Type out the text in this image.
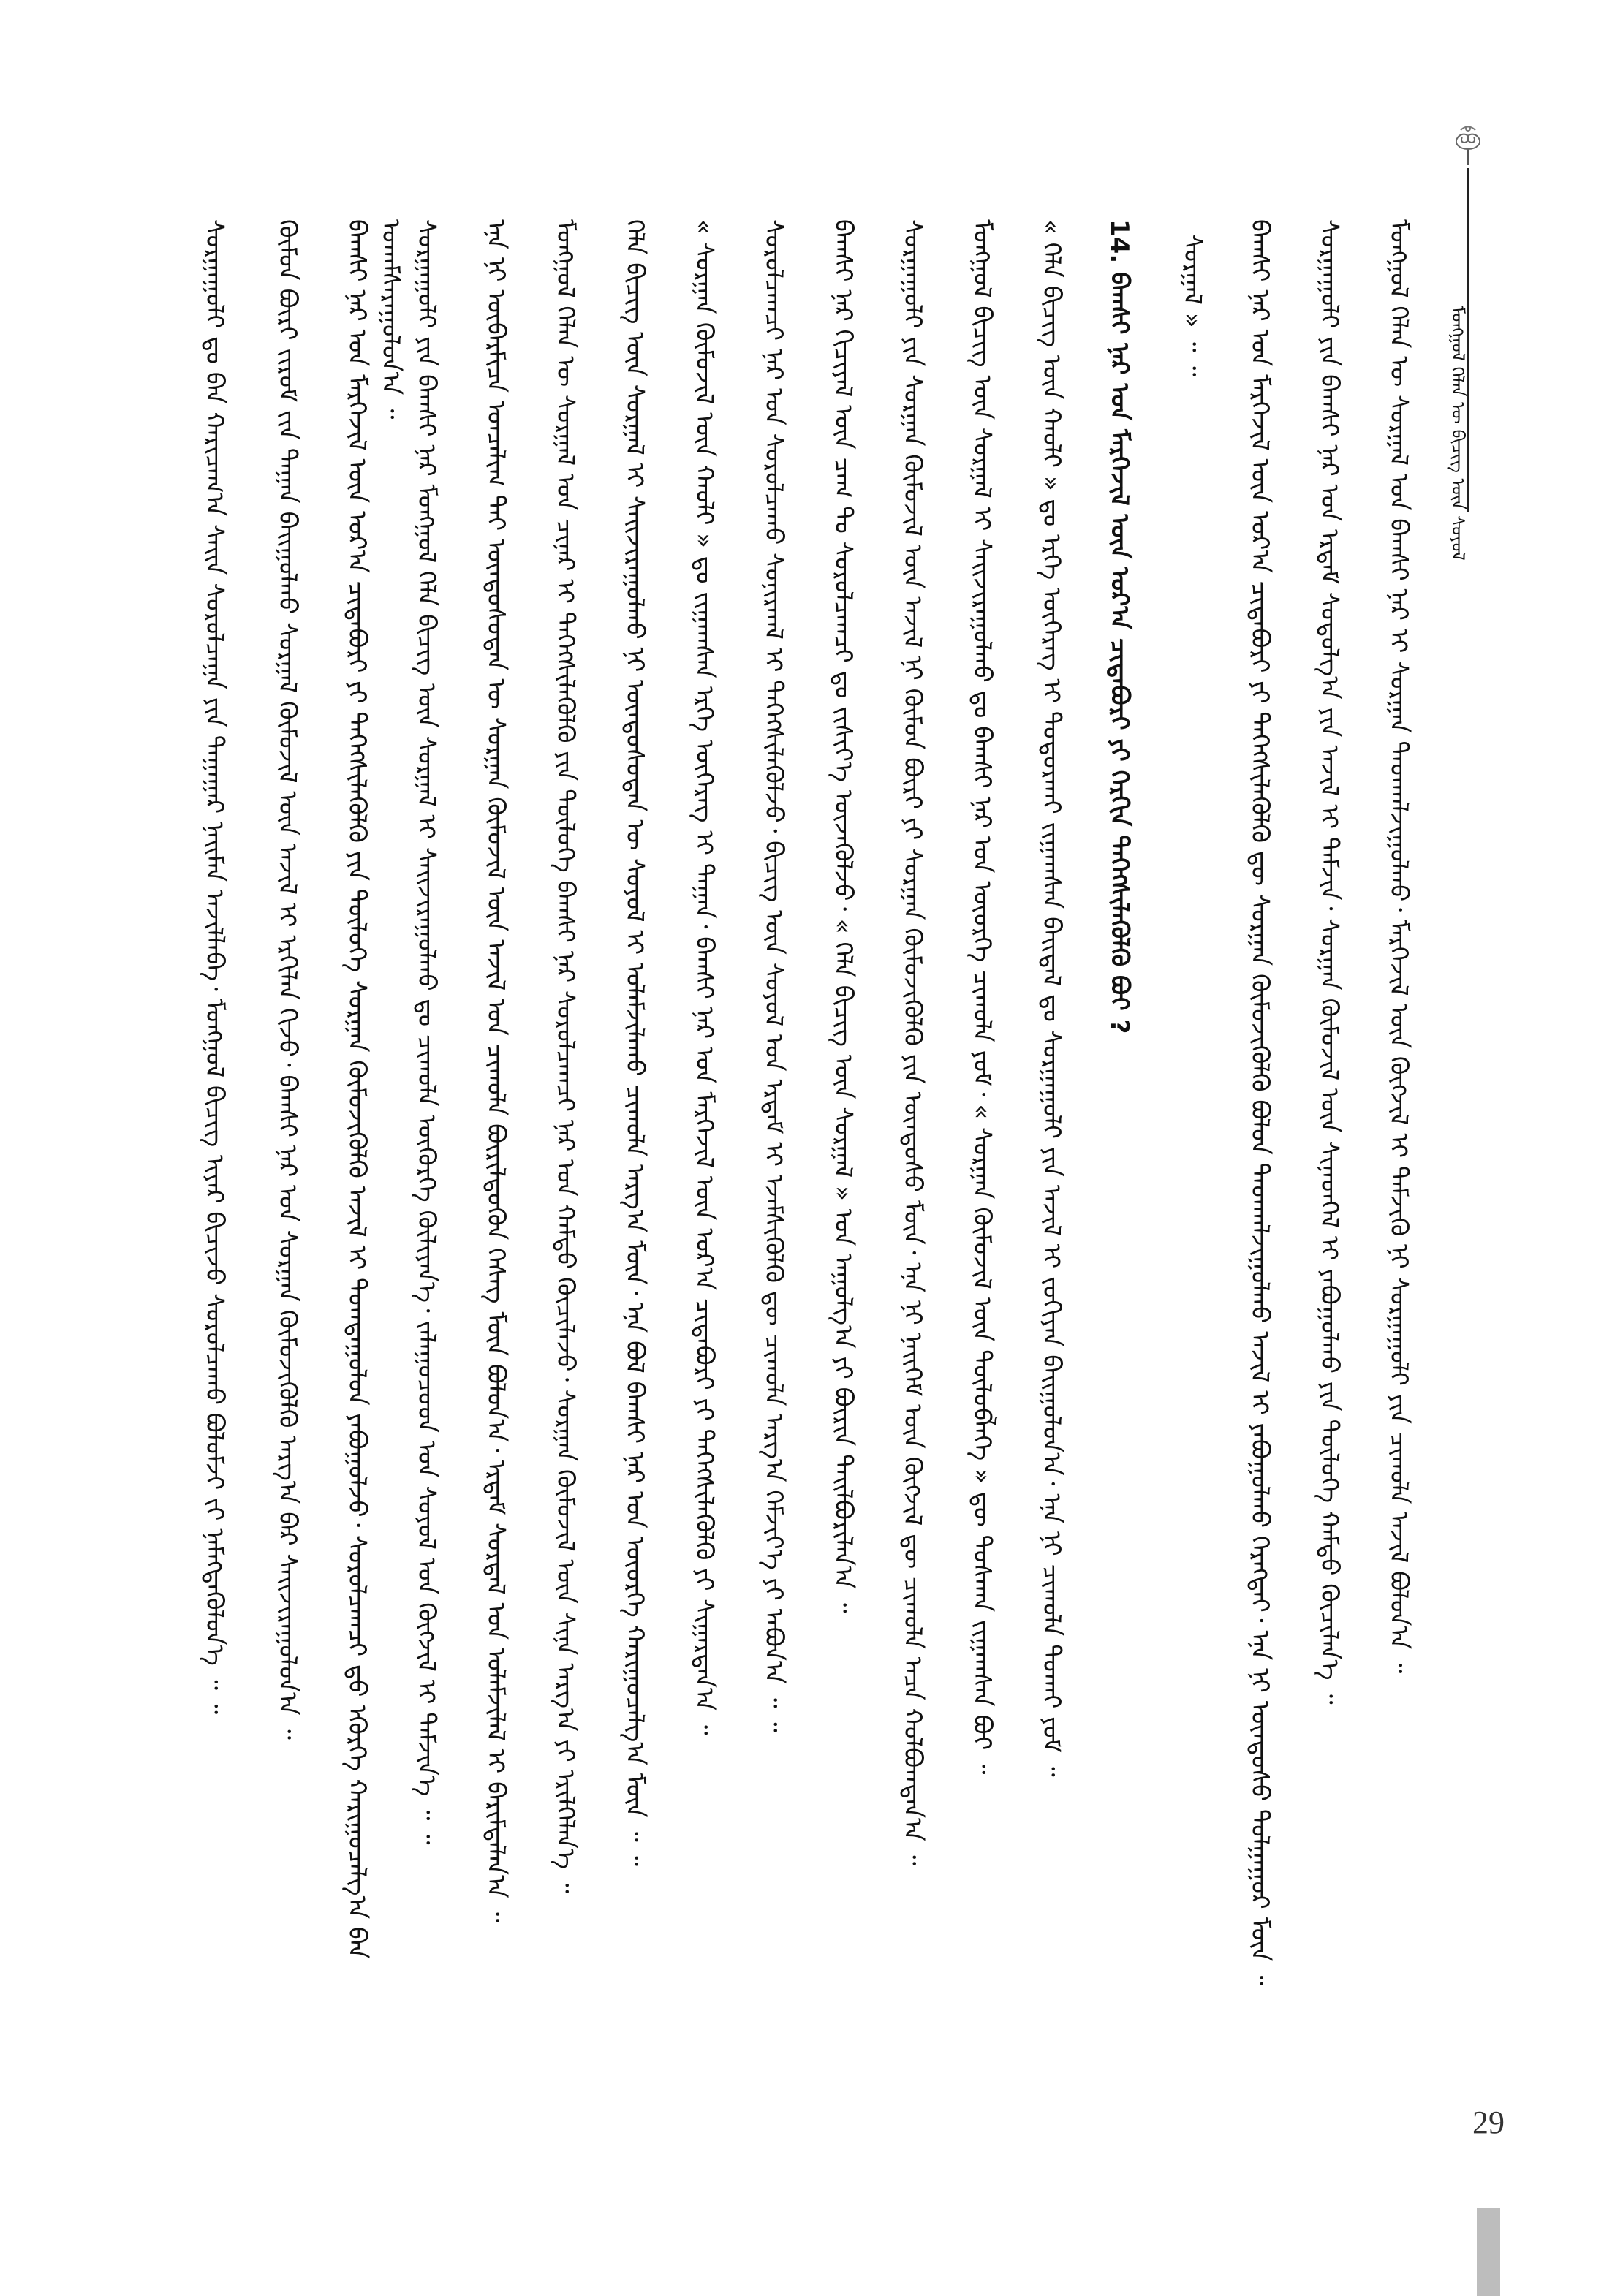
ᠮᠣᠩᠭᠣᠯ ᠬᠡᠯᠡᠨ ᠦ ᠪᠢᠴᠢᠭ ᠦᠨ ᠰᠣᠶᠣᠯ
ᠰᠤᠷᠭᠠᠭᠤᠯᠢ ᠳᠤ ᠪᠠᠨ ᠬᠠᠷᠢᠴᠠᠭ᠎ᠠ ᠰᠠᠢᠨ ᠰᠤᠷᠤᠯᠴᠠᠭᠠ ᠶᠢᠨ ᠳᠠᠭᠠᠭᠠᠷ ᠨᠠᠢᠮᠠᠨ ᠠᠵᠢᠯᠯᠠᠪᠠ᠂ ᠮᠣᠩᠭᠣᠯ ᠪᠢᠴᠢᠭ ᠢᠶᠡᠷ ᠪᠢᠴᠢᠵᠦ ᠰᠤᠷᠤᠯᠴᠠᠬᠤ ᠪᠤᠯᠤᠮᠵᠢ ᠵᠢ ᠨᠡᠮᠡᠭᠳᠡᠭᠦᠯᠦᠨ᠎ᠡ ᠃ ᠃ ᠬᠦᠮᠦᠨ ᠪᠦᠷᠢ ᠵᠢᠷᠤᠮ ᠵᠢᠨ ᠳᠠᠭᠠᠨ ᠪᠠᠢᠭᠤᠯᠬᠤ ᠰᠤᠷᠭᠠᠯ ᠬᠦᠮᠦᠵᠢᠯ ᠦᠨ ᠠᠵᠢᠯ ᠢ ᠡᠷᠬᠢᠯᠡᠨ ᠬᠢᠵᠦ᠂ ᠪᠠᠭᠰᠢ ᠨᠠᠷ ᠤᠨ ᠰᠤᠷᠭᠠᠨ ᠬᠦᠮᠦᠵᠢᠭᠦᠯᠬᠦ ᠠᠷᠭ᠎ᠠ ᠪᠠᠷ ᠰᠠᠢᠵᠢᠷᠠᠭᠤᠯᠤᠨ᠎ᠠ ᠃ ᠪᠠᠭᠰᠢ ᠨᠠᠷ ᠤᠨ ᠮᠡᠷᠭᠡᠵᠢᠯ ᠦᠨ ᠤᠷ᠎ᠠ ᠴᠢᠳᠠᠪᠤᠷᠢ ᠶᠢ ᠳᠡᠭᠡᠭᠰᠢᠯᠡᠭᠦᠯᠬᠦ ᠶᠢᠨ ᠲᠥᠯᠦᠭᠡ ᠰᠤᠷᠭᠠᠨ ᠬᠦᠮᠦᠵᠢᠭᠦᠯᠬᠦ ᠠᠵᠢᠯ ᠢ ᠲᠤᠭᠳᠠᠭᠤᠯᠤᠨ ᠶᠠᠪᠤᠭᠤᠯᠵᠤ᠂ ᠰᠤᠷᠤᠯᠴᠠᠭᠴᠢ ᠳ᠋ᠤ ᠡᠭᠦᠷᠭᠡ ᠬᠠᠷᠢᠭᠤᠴᠠᠯᠭ᠎ᠠ ᠪᠠᠨ ᠤᠬᠠᠮᠰᠠᠷᠠᠭᠤᠯᠤᠨ᠎ᠠ ᠃ ᠰᠤᠷᠭᠠᠭᠤᠯᠢ ᠶᠢᠨ ᠪᠠᠭᠰᠢ ᠨᠠᠷ ᠮᠣᠩᠭᠣᠯ ᠬᠡᠯᠡ ᠪᠢᠴᠢᠭ ᠦᠨ ᠰᠤᠷᠭᠠᠯ ᠢ ᠰᠠᠢᠵᠢᠷᠠᠭᠤᠯᠬᠤ ᠳᠤ ᠴᠢᠬᠤᠯᠠ ᠦᠬᠦᠷᠭᠡ ᠬᠦᠯᠢᠶᠡᠨ᠎ᠡ᠂ ᠵᠠᠯᠠᠭᠤᠴᠤᠳ ᠤᠨ ᠰᠣᠶᠣᠯ ᠤᠨ ᠬᠥᠭᠵᠢᠯ ᠢ ᠳᠡᠮᠵᠢᠨ᠎ᠡ ᠃ ᠃ ᠡᠨᠡ ᠨᠢ ᠥᠪᠡᠷᠮᠢᠴᠡ ᠣᠨᠴᠠᠯᠢᠭ ᠲᠠᠢ ᠦᠨᠳᠦᠰᠦᠲᠡᠨ ᠦ ᠰᠤᠷᠭᠠᠨ ᠬᠦᠮᠦᠵᠢᠯ ᠦᠨ ᠠᠵᠢᠯ ᠤᠨ ᠴᠢᠬᠤᠯᠠ ᠪᠦᠷᠢᠯᠳᠦᠬᠦᠨ ᠬᠡᠰᠡᠭ ᠮᠥᠨ ᠪᠣᠯᠤᠨ᠎ᠠ᠂ ᠡᠷᠳᠡᠮ ᠰᠤᠷᠲᠠᠯ ᠤᠨ ᠤᠯᠠᠮᠵᠢᠯᠠᠯ ᠢ ᠪᠠᠷᠢᠮᠲᠠᠯᠠᠨ᠎ᠠ ᠃ ᠮᠣᠩᠭᠣᠯ ᠬᠡᠯᠡᠨ ᠦ ᠰᠤᠷᠭᠠᠯ ᠤᠨ ᠴᠢᠨᠠᠷ ᠢ ᠳᠡᠭᠡᠭᠰᠢᠯᠡᠭᠦᠯᠬᠦ ᠶᠢᠨ ᠲᠥᠯᠦᠭᠡ ᠪᠠᠭᠰᠢ ᠨᠠᠷ ᠰᠤᠷᠤᠯᠴᠠᠭᠴᠢ ᠨᠠᠷ ᠤᠨ ᠬᠠᠮᠲᠤ ᠬᠦᠴᠢᠯᠡᠵᠦ᠂ ᠰᠤᠷᠭᠠᠨ ᠬᠦᠮᠦᠵᠢᠯ ᠦᠨ ᠰᠢᠨᠡ ᠠᠷᠭ᠎ᠠ ᠶᠢ ᠡᠷᠢᠯᠬᠡᠯᠡᠨ᠎ᠡ ᠃ ᠬᠡᠯᠡ ᠪᠢᠴᠢᠭ ᠦᠨ ᠰᠤᠷᠭᠠᠯ ᠢ ᠰᠠᠢᠵᠢᠷᠠᠭᠤᠯᠬᠤ ᠨᠢ ᠦᠨᠳᠦᠰᠦᠲᠡᠨ ᠦ ᠰᠣᠶᠣᠯ ᠢ ᠤᠯᠠᠮᠵᠢᠯᠠᠬᠤ ᠴᠢᠬᠤᠯᠠ ᠠᠷᠭ᠎ᠠ ᠮᠥᠨ᠂ ᠡᠨᠡ ᠪᠣᠯ ᠪᠠᠭᠰᠢ ᠨᠠᠷ ᠤᠨ ᠦᠦᠷᠭᠡ ᠬᠠᠷᠢᠭᠤᠴᠠᠯᠭ᠎ᠠ ᠮᠥᠨ ᠃ ᠃ « ᠰᠤᠷᠭᠠᠨ ᠬᠦᠮᠦᠵᠢᠯ ᠦᠨ ᠬᠠᠤᠯᠢ » ᠳᠤ ᠵᠢᠭᠠᠭᠰᠠᠨ ᠡᠷᠬᠡ ᠦᠭᠡᠷᠡᠭ ᠢ ᠳᠠᠭᠠᠨ᠂ ᠪᠠᠭᠰᠢ ᠨᠠᠷ ᠤᠨ ᠮᠡᠷᠭᠡᠵᠢᠯ ᠦᠨ ᠤᠷ᠎ᠠ ᠴᠢᠳᠠᠪᠤᠷᠢ ᠶᠢ ᠳᠡᠭᠡᠭᠰᠢᠯᠡᠭᠦᠯᠬᠦ ᠶᠢ ᠰᠢᠭᠠᠷᠳᠠᠨ᠎ᠠ ᠃ ᠰᠤᠷᠤᠯᠴᠠᠭᠴᠢ ᠨᠠᠷ ᠤᠨ ᠰᠤᠷᠤᠯᠴᠠᠬᠤ ᠰᠣᠨᠢᠷᠬᠠᠯ ᠢ ᠳᠡᠭᠡᠭᠰᠢᠯᠡᠭᠦᠯᠵᠦ᠂ ᠪᠢᠴᠢᠭ ᠦᠨ ᠰᠣᠶᠣᠯ ᠤᠨ ᠡᠷᠳᠡᠮ ᠢ ᠡᠵᠡᠮᠰᠢᠭᠦᠯᠬᠦ ᠳᠦ ᠴᠢᠬᠤᠯᠠ ᠠᠷᠭ᠎ᠠ ᠬᠡᠮᠵᠢᠶ᠎ᠡ ᠶᠢ ᠠᠪᠤᠨ᠎ᠠ ᠃ ᠃ ᠪᠠᠭᠰᠢ ᠨᠠᠷ ᠬᠢᠴᠢᠶᠡᠯ ᠦᠨ ᠴᠠᠭ ᠲᠤ ᠰᠤᠷᠤᠯᠴᠠᠭᠴᠢ ᠳᠤ ᠵᠢᠱᠢᠶ᠎ᠡ ᠦᠵᠡᠭᠦᠯᠵᠦ᠂ « ᠬᠡᠯᠡ ᠪᠢᠴᠢᠭ ᠦᠨ ᠰᠤᠷᠭᠠᠯ » ᠤᠨ ᠠᠭᠤᠯᠭ᠎ᠠ ᠶᠢ ᠪᠦᠷᠢᠨ ᠲᠠᠢᠯᠪᠤᠷᠢᠯᠠᠨ᠎ᠠ ᠃ ᠰᠤᠷᠭᠠᠭᠤᠯᠢ ᠶᠢᠨ ᠰᠤᠷᠭᠠᠨ ᠬᠦᠮᠦᠵᠢᠯ ᠦᠨ ᠠᠵᠢᠯ ᠨᠢ ᠬᠦᠮᠦᠨ ᠪᠦᠷᠢ ᠶᠢ ᠰᠤᠷᠭᠠᠨ ᠬᠦᠮᠦᠵᠢᠭᠦᠯᠬᠦ ᠶᠢᠨ ᠦᠨᠳᠦᠰᠦ ᠮᠥᠨ᠂ ᠡᠨᠡ ᠨᠢ ᠨᠡᠢᠭᠡᠮ ᠦᠨ ᠬᠥᠭᠵᠢᠯ ᠳᠦ ᠴᠢᠬᠤᠯᠠ ᠠᠴᠠ ᠬᠣᠯᠪᠣᠭᠳᠠᠨ᠎ᠠ ᠃ ᠮᠣᠩᠭᠣᠯ ᠪᠢᠴᠢᠭ ᠦᠨ ᠰᠤᠷᠭᠠᠯ ᠢ ᠰᠠᠢᠵᠢᠷᠠᠭᠤᠯᠬᠤ ᠳᠤ ᠪᠠᠭᠰᠢ ᠨᠠᠷ ᠤᠨ ᠦᠦᠷᠭᠡ ᠴᠢᠬᠤᠯᠠ ᠶᠤᠮ᠂ « ᠰᠤᠷᠭᠠᠨ ᠬᠦᠮᠦᠵᠢᠯ ᠦᠨ ᠲᠥᠯᠥᠪᠯᠡᠭᠡ » ᠳᠦ ᠲᠤᠰᠬᠠᠨ ᠵᠢᠭᠠᠭᠰᠠᠨ ᠪᠣᠢ ᠃ « ᠬᠡᠯᠡ ᠪᠢᠴᠢᠭ ᠦᠨ ᠬᠠᠤᠯᠢ » ᠳᠤ ᠡᠷᠬᠡ ᠦᠭᠡᠷᠡᠭ ᠢ ᠲᠣᠳᠣᠷᠬᠠᠢ ᠵᠢᠭᠠᠭᠰᠠᠨ ᠪᠠᠢᠳᠠᠯ ᠳᠤ ᠰᠤᠷᠭᠠᠭᠤᠯᠢ ᠶᠢᠨ ᠠᠵᠢᠯ ᠢ ᠵᠣᠬᠢᠶᠠᠨ ᠪᠠᠢᠭᠤᠯᠤᠨ᠎ᠠ᠂ ᠡᠨᠡ ᠨᠢ ᠴᠢᠬᠤᠯᠠ ᠲᠤᠬᠠᠢ ᠶᠤᠮ ᠃ 14. ᠪᠠᠭᠰᠢ ᠨᠠᠷ ᠤᠨ ᠮᠡᠷᠭᠡᠵᠢᠯ ᠦᠨ ᠤᠷ᠎ᠠ ᠴᠢᠳᠠᠪᠤᠷᠢ ᠶᠢ ᠬᠡᠷᠬᠢᠨ ᠳᠡᠭᠡᠭᠰᠢᠯᠡᠭᠦᠯᠬᠦ ᠪᠤᠢ ? ᠰᠤᠷᠭᠠᠯ » ᠃ ᠃ ᠪᠠᠭᠰᠢ ᠨᠠᠷ ᠤᠨ ᠮᠡᠷᠭᠡᠵᠢᠯ ᠦᠨ ᠤᠷ᠎ᠠ ᠴᠢᠳᠠᠪᠤᠷᠢ ᠶᠢ ᠳᠡᠭᠡᠭᠰᠢᠯᠡᠭᠦᠯᠬᠦ ᠳᠦ ᠰᠤᠷᠭᠠᠨ ᠬᠦᠮᠦᠵᠢᠭᠦᠯᠬᠦ ᠪᠣᠯᠤᠨ ᠳᠠᠳᠬᠠᠯᠵᠢᠭᠤᠯᠬᠤ ᠠᠵᠢᠯ ᠢ ᠶᠠᠪᠤᠭᠤᠯᠬᠤ ᠬᠡᠷᠡᠭᠲᠡᠢ᠂ ᠡᠨᠡ ᠨᠢ ᠦᠨᠳᠦᠰᠦ ᠲᠤᠯᠭᠠᠭᠤᠷ ᠮᠥᠨ ᠃ ᠰᠤᠷᠭᠠᠭᠤᠯᠢ ᠶᠢᠨ ᠪᠠᠭᠰᠢ ᠨᠠᠷ ᠤᠨ ᠡᠷᠳᠡᠮ ᠰᠤᠳᠤᠯᠭ᠎ᠠ ᠶᠢᠨ ᠠᠵᠢᠯ ᠢ ᠳᠡᠮᠵᠢᠨ᠂ ᠰᠤᠷᠭᠠᠨ ᠬᠦᠮᠦᠵᠢᠯ ᠦᠨ ᠰᠢᠨᠡᠳᠬᠡᠯ ᠢ ᠶᠠᠪᠤᠭᠤᠯᠬᠤ ᠶᠢᠨ ᠲᠥᠯᠦᠭᠡ ᠬᠠᠮᠲᠤ ᠬᠦᠴᠢᠯᠡᠨ᠎ᠡ ᠃ ᠮᠣᠩᠭᠣᠯ ᠬᠡᠯᠡᠨ ᠦ ᠰᠤᠷᠭᠠᠯ ᠤᠨ ᠪᠠᠭᠰᠢ ᠨᠠᠷ ᠢ ᠰᠤᠷᠭᠠᠨ ᠳᠠᠳᠬᠠᠯᠵᠢᠭᠤᠯᠬᠤ᠂ ᠮᠡᠷᠭᠡᠵᠢᠯ ᠦᠨ ᠬᠥᠭᠵᠢᠯ ᠢ ᠳᠡᠮᠵᠢᠬᠦ ᠨᠢ ᠰᠤᠷᠭᠠᠭᠤᠯᠢ ᠶᠢᠨ ᠴᠢᠬᠤᠯᠠ ᠠᠵᠢᠯ ᠪᠣᠯᠤᠨ᠎ᠠ ᠃
29
